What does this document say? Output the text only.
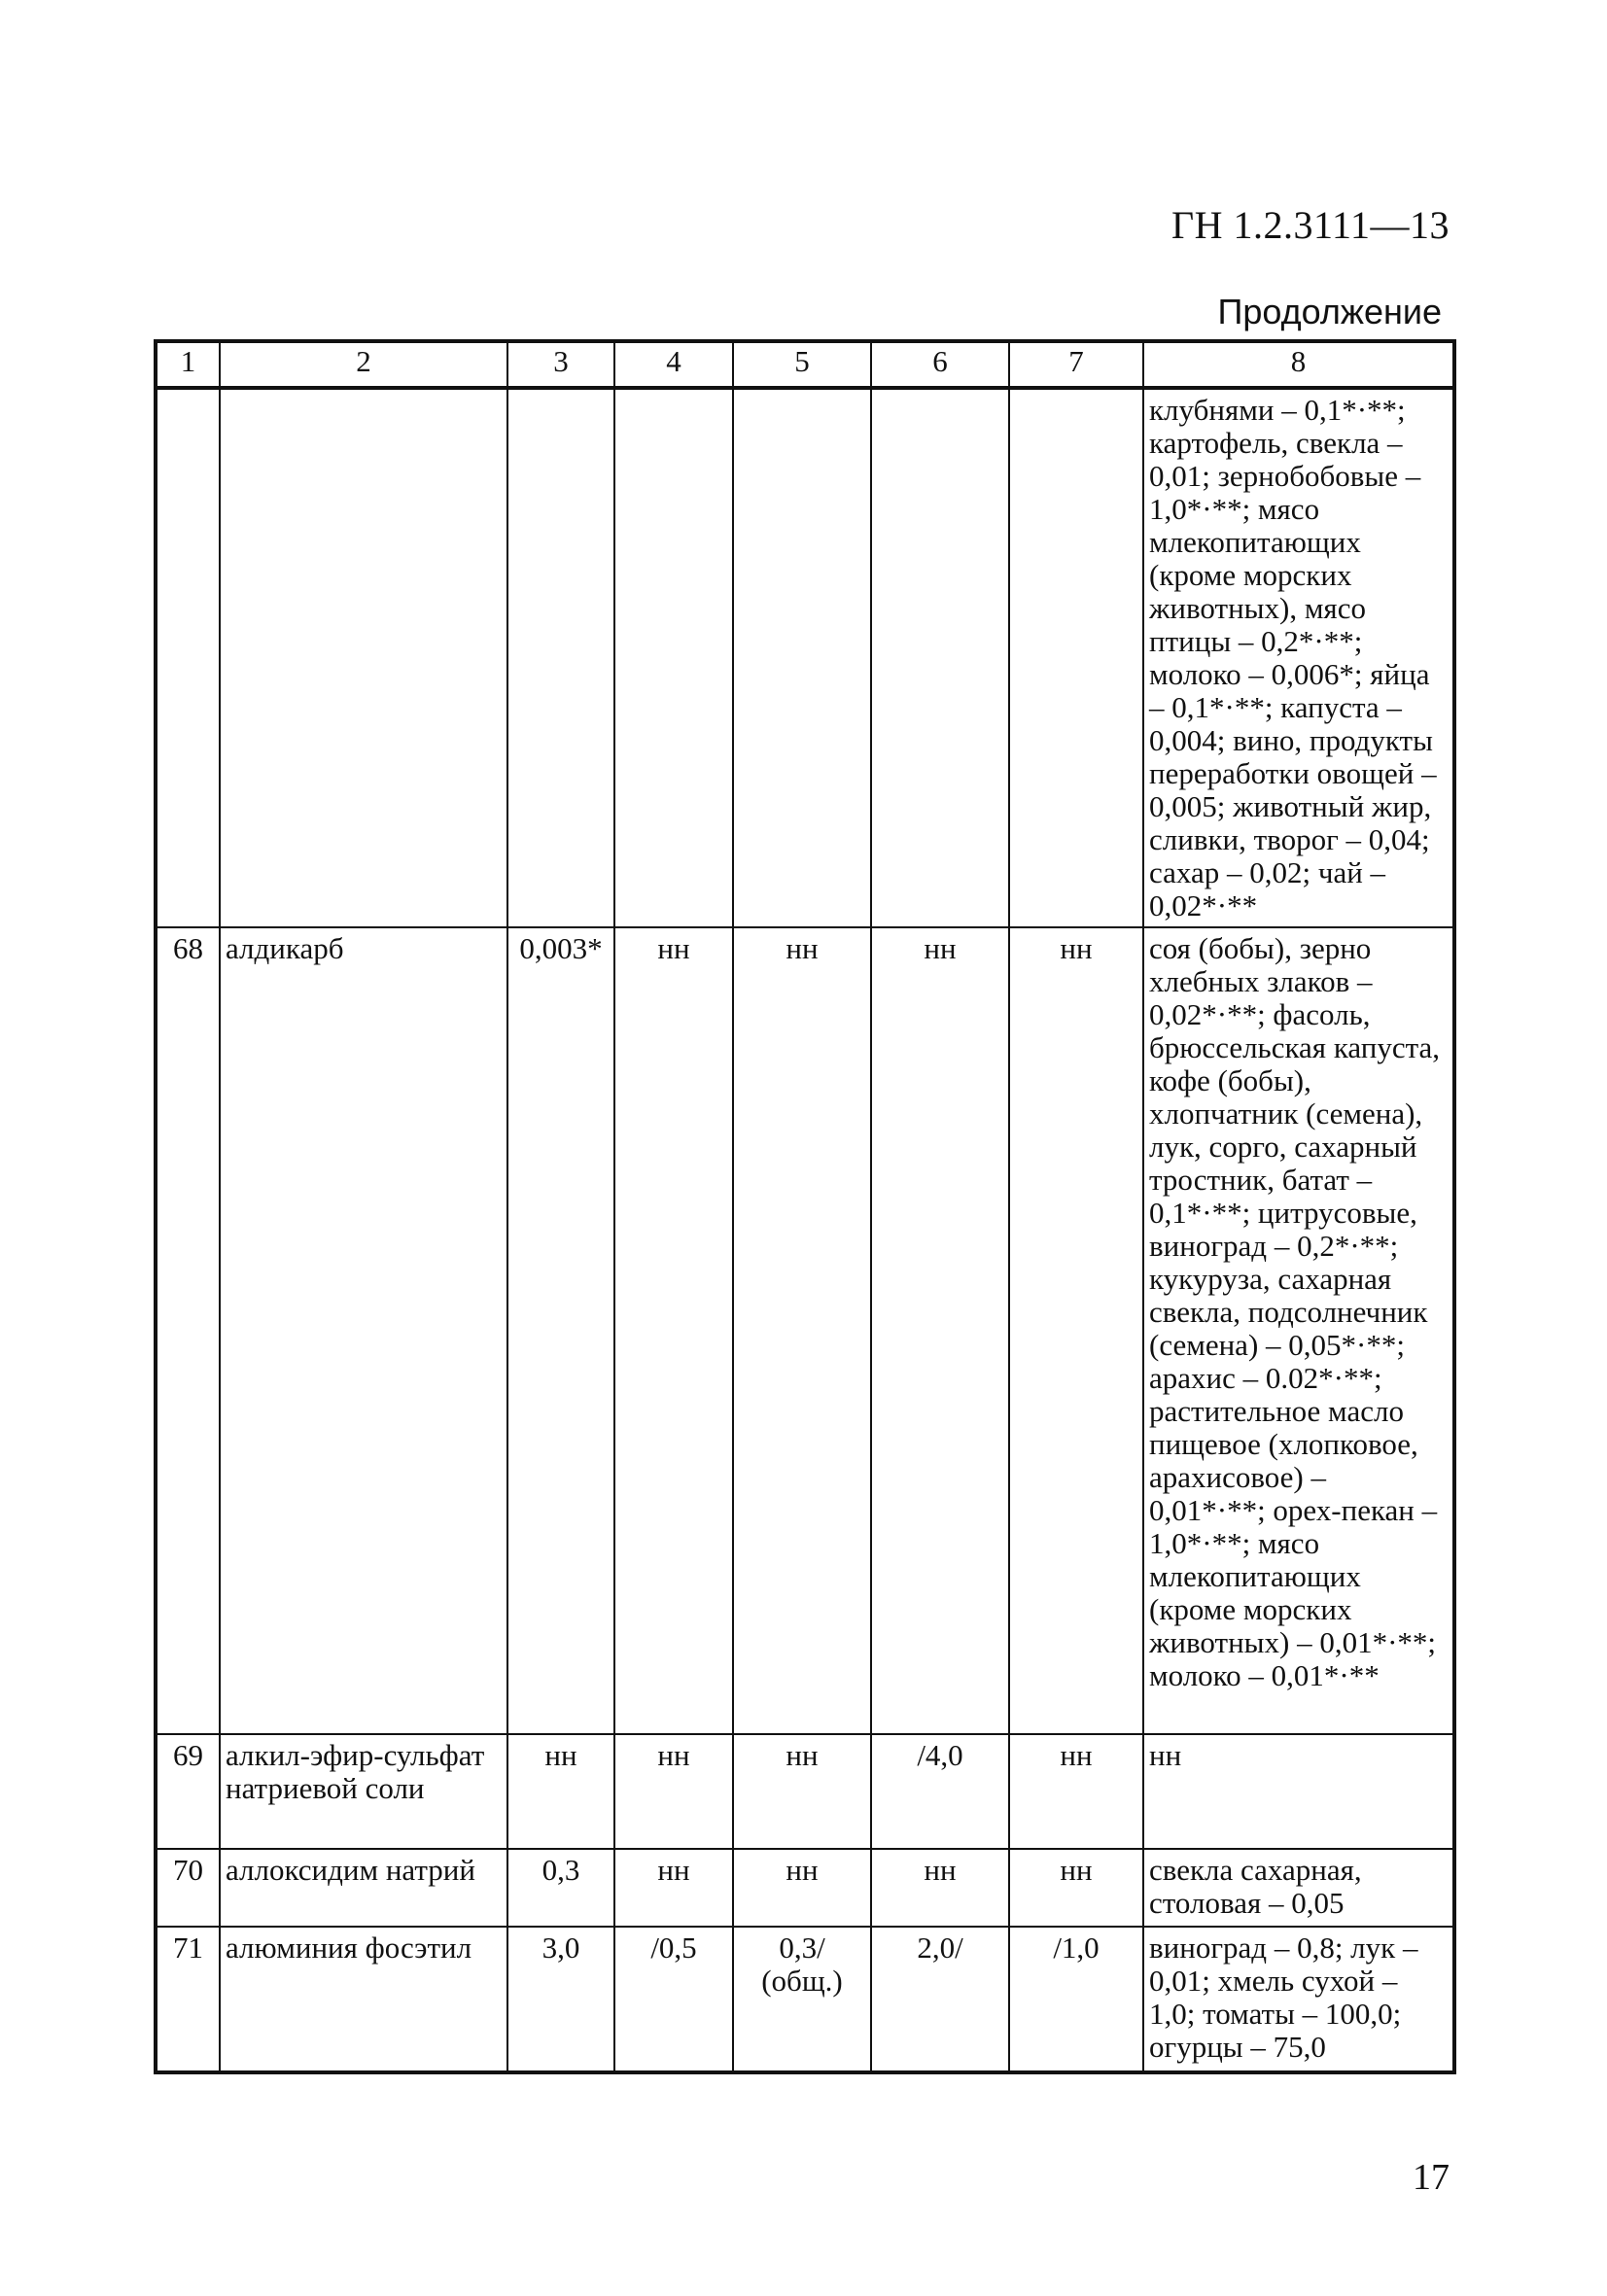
ГН 1.2.3111—13
Продолжение
1	2	3	4	5	6	7	8
							клубнями – 0,1*·**; картофель, свекла – 0,01; зернобобовые – 1,0*·**; мясо млекопитающих (кроме морских животных), мясо птицы – 0,2*·**; молоко – 0,006*; яйца – 0,1*·**; капуста – 0,004; вино, продукты переработки овощей – 0,005; животный жир, сливки, творог – 0,04; сахар – 0,02; чай – 0,02*·**
68	алдикарб	0,003*	нн	нн	нн	нн	соя (бобы), зерно хлебных злаков – 0,02*·**; фасоль, брюссельская капуста, кофе (бобы), хлопчатник (семена), лук, сорго, сахарный тростник, батат – 0,1*·**; цитрусовые, виноград – 0,2*·**; кукуруза, сахарная свекла, подсолнечник (семена) – 0,05*·**; арахис – 0.02*·**; растительное масло пищевое (хлопковое, арахисовое) – 0,01*·**; орех-пекан – 1,0*·**; мясо млекопитающих (кроме морских животных) – 0,01*·**; молоко – 0,01*·**
69	алкил-эфир-сульфат натриевой соли	нн	нн	нн	/4,0	нн	нн
70	аллоксидим натрий	0,3	нн	нн	нн	нн	свекла сахарная, столовая – 0,05
71	алюминия фосэтил	3,0	/0,5	0,3/ (общ.)	2,0/	/1,0	виноград – 0,8; лук – 0,01; хмель сухой – 1,0; томаты – 100,0; огурцы – 75,0
17
